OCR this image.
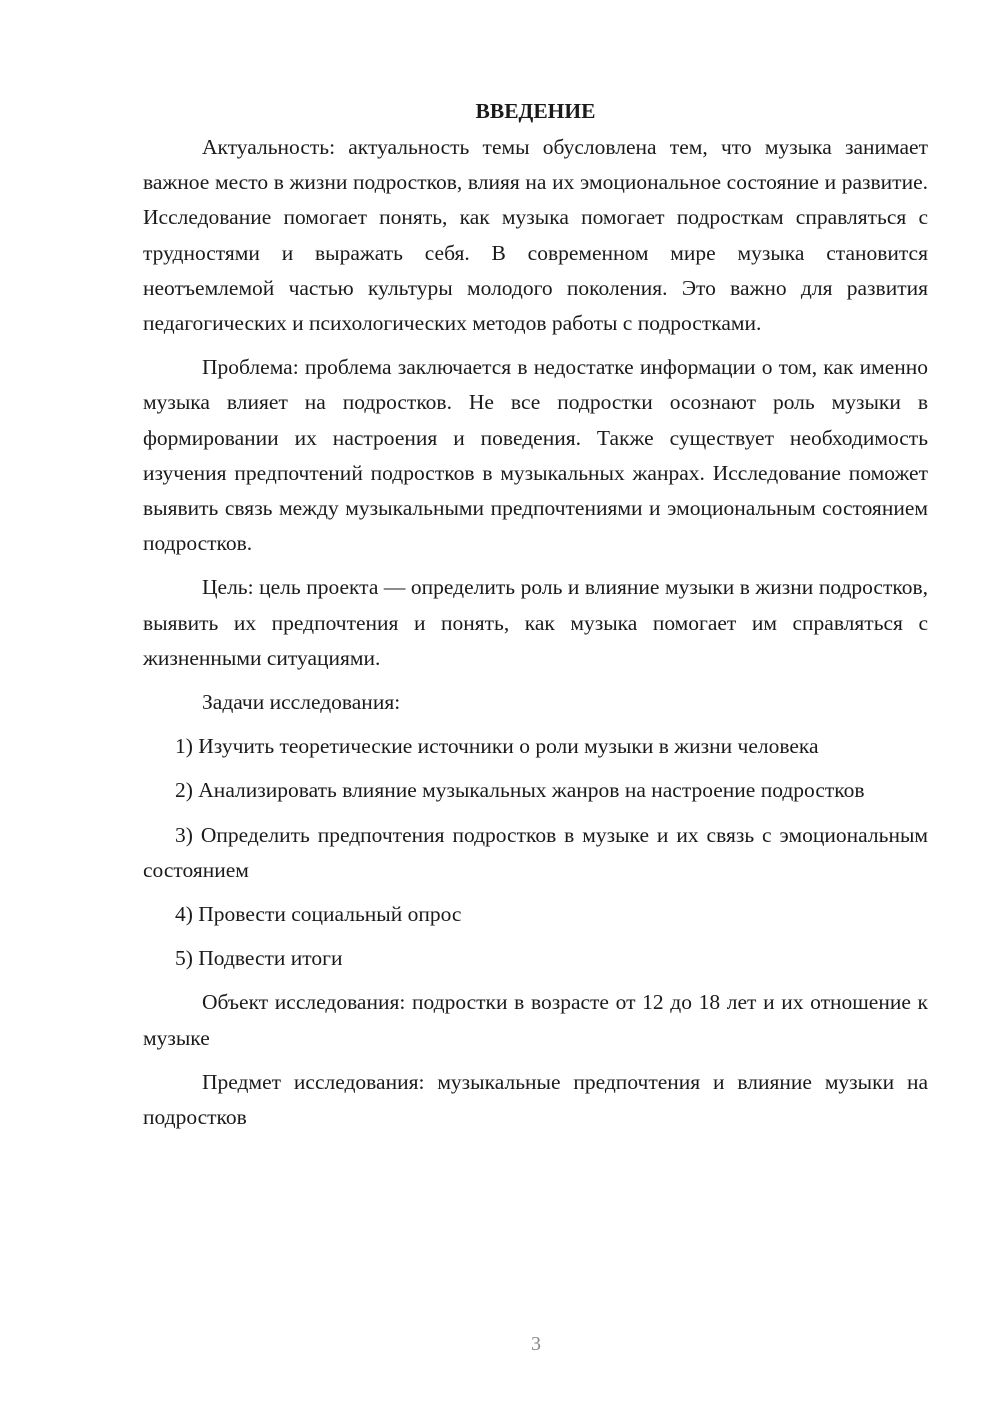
ВВЕДЕНИЕ

Актуальность: актуальность темы обусловлена тем, что музыка занимает важное место в жизни подростков, влияя на их эмоциональное состояние и развитие. Исследование помогает понять, как музыка помогает подросткам справляться с трудностями и выражать себя. В современном мире музыка становится неотъемлемой частью культуры молодого поколения. Это важно для развития педагогических и психологических методов работы с подростками.

Проблема: проблема заключается в недостатке информации о том, как именно музыка влияет на подростков. Не все подростки осознают роль музыки в формировании их настроения и поведения. Также существует необходимость изучения предпочтений подростков в музыкальных жанрах. Исследование поможет выявить связь между музыкальными предпочтениями и эмоциональным состоянием подростков.

Цель: цель проекта — определить роль и влияние музыки в жизни подростков, выявить их предпочтения и понять, как музыка помогает им справляться с жизненными ситуациями.

Задачи исследования:

1) Изучить теоретические источники о роли музыки в жизни человека

2) Анализировать влияние музыкальных жанров на настроение подростков

3) Определить предпочтения подростков в музыке и их связь с эмоциональным состоянием

4) Провести социальный опрос

5) Подвести итоги

Объект исследования: подростки в возрасте от 12 до 18 лет и их отношение к музыке

Предмет исследования: музыкальные предпочтения и влияние музыки на подростков

3
